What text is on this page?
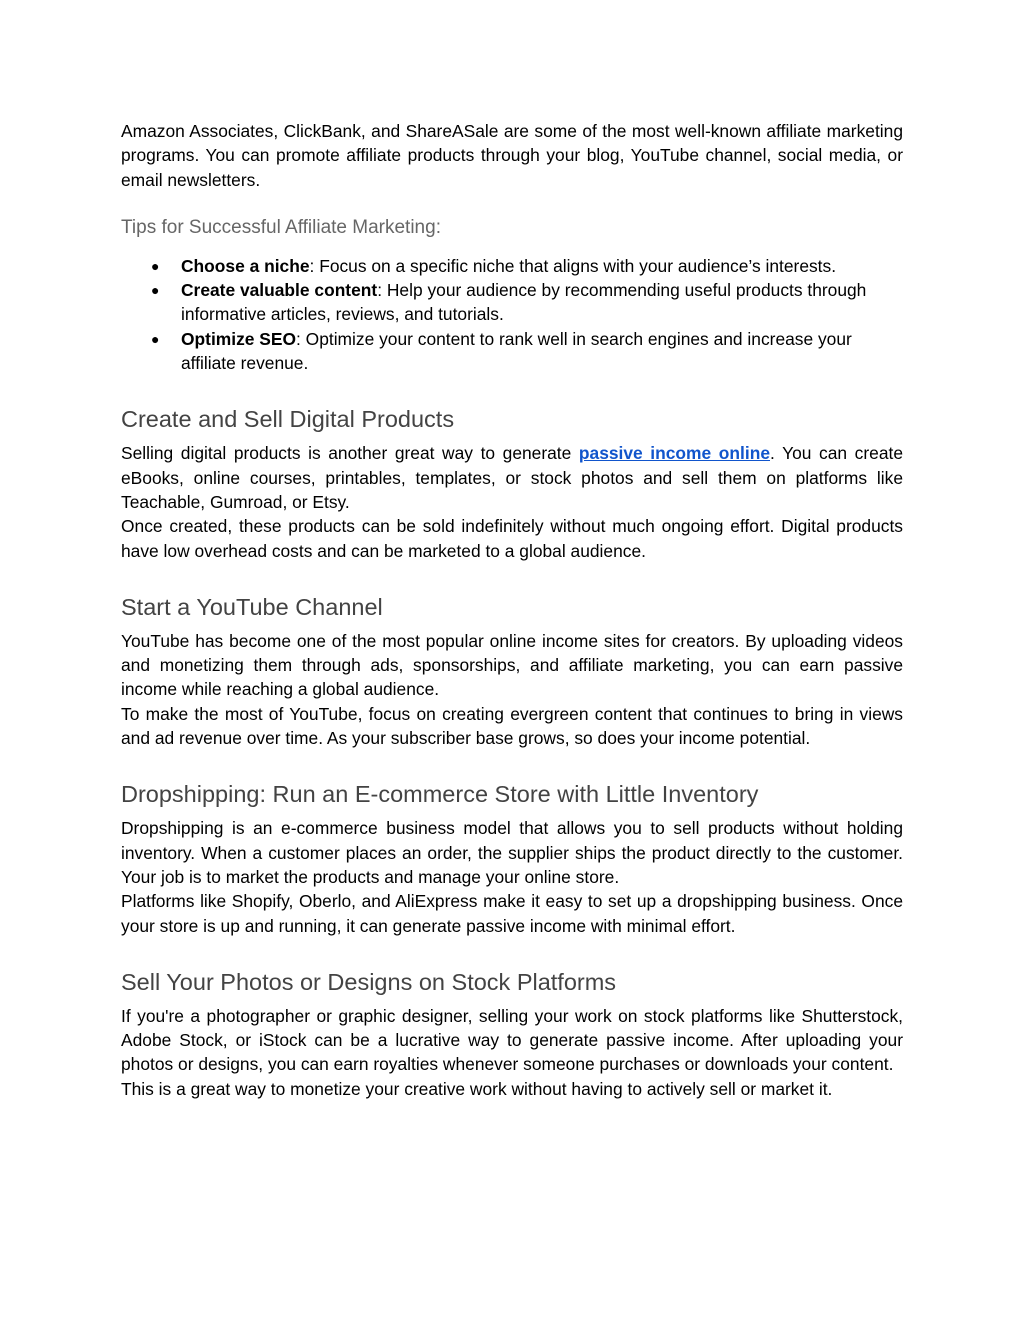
Amazon Associates, ClickBank, and ShareASale are some of the most well-known affiliate marketing programs. You can promote affiliate products through your blog, YouTube channel, social media, or email newsletters.

Tips for Successful Affiliate Marketing:
● Choose a niche: Focus on a specific niche that aligns with your audience’s interests.
● Create valuable content: Help your audience by recommending useful products through informative articles, reviews, and tutorials.
● Optimize SEO: Optimize your content to rank well in search engines and increase your affiliate revenue.
Create and Sell Digital Products

Selling digital products is another great way to generate passive income online. You can create eBooks, online courses, printables, templates, or stock photos and sell them on platforms like Teachable, Gumroad, or Etsy.

Once created, these products can be sold indefinitely without much ongoing effort. Digital products have low overhead costs and can be marketed to a global audience.

Start a YouTube Channel

YouTube has become one of the most popular online income sites for creators. By uploading videos and monetizing them through ads, sponsorships, and affiliate marketing, you can earn passive income while reaching a global audience.

To make the most of YouTube, focus on creating evergreen content that continues to bring in views and ad revenue over time. As your subscriber base grows, so does your income potential.

Dropshipping: Run an E-commerce Store with Little Inventory

Dropshipping is an e-commerce business model that allows you to sell products without holding inventory. When a customer places an order, the supplier ships the product directly to the customer. Your job is to market the products and manage your online store.

Platforms like Shopify, Oberlo, and AliExpress make it easy to set up a dropshipping business. Once your store is up and running, it can generate passive income with minimal effort.

Sell Your Photos or Designs on Stock Platforms

If you're a photographer or graphic designer, selling your work on stock platforms like Shutterstock, Adobe Stock, or iStock can be a lucrative way to generate passive income. After uploading your photos or designs, you can earn royalties whenever someone purchases or downloads your content.

This is a great way to monetize your creative work without having to actively sell or market it.
